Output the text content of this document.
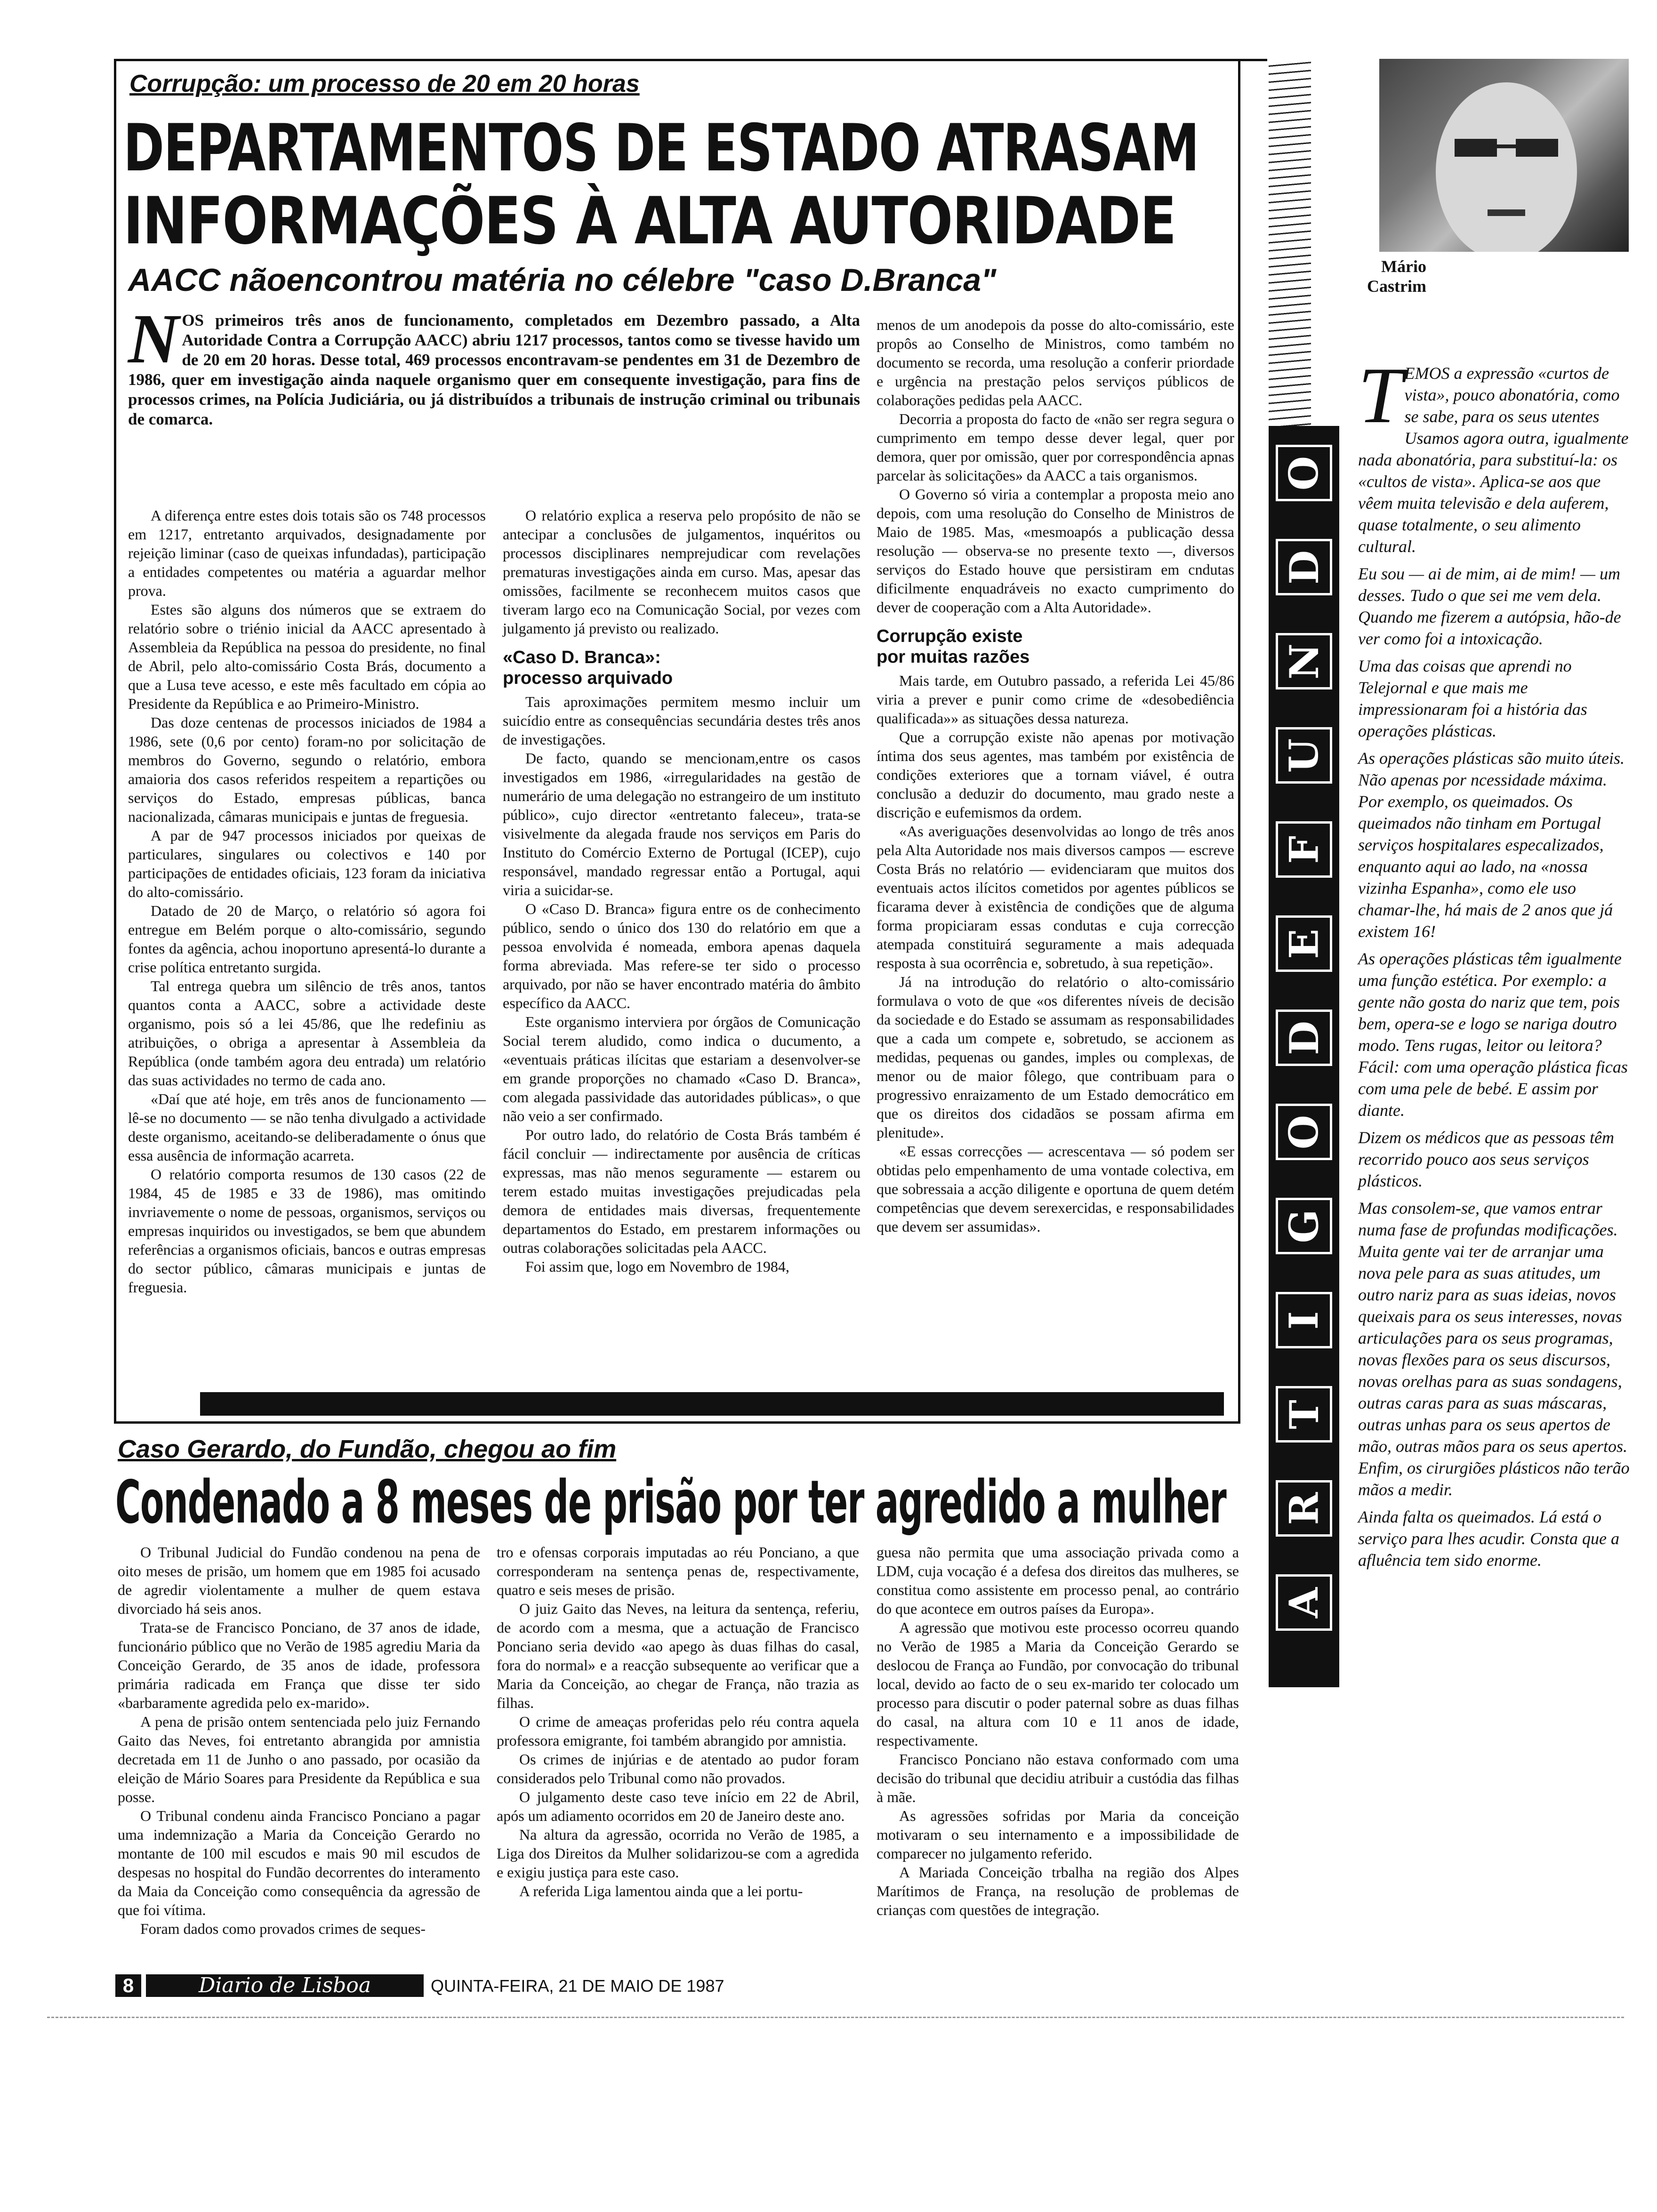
Corrupção: um processo de 20 em 20 horas
DEPARTAMENTOS DE ESTADO ATRASAM
INFORMAÇÕES À ALTA AUTORIDADE
AACC nãoencontrou matéria no célebre "caso D.Branca"
N OS primeiros três anos de funcionamento, completados em Dezembro passado, a Alta Autoridade Contra a Corrupção AACC) abriu 1217 processos, tantos como se tivesse havido um de 20 em 20 horas. Desse total, 469 processos encontravam-se pendentes em 31 de Dezembro de 1986, quer em investigação ainda naquele organismo quer em consequente investigação, para fins de processos crimes, na Polícia Judiciária, ou já distribuídos a tribunais de instrução criminal ou tribunais de comarca.

A diferença entre estes dois totais são os 748 processos em 1217, entretanto arquivados, designadamente por rejeição liminar (caso de queixas infundadas), participação a entidades competentes ou matéria a aguardar melhor prova.

Estes são alguns dos números que se extraem do relatório sobre o triénio inicial da AACC apresentado à Assembleia da República na pessoa do presidente, no final de Abril, pelo alto-comissário Costa Brás, documento a que a Lusa teve acesso, e este mês facultado em cópia ao Presidente da República e ao Primeiro-Ministro.

Das doze centenas de processos iniciados de 1984 a 1986, sete (0,6 por cento) foram-no por solicitação de membros do Governo, segundo o relatório, embora amaioria dos casos referidos respeitem a repartições ou serviços do Estado, empresas públicas, banca nacionalizada, câmaras municipais e juntas de freguesia.

A par de 947 processos iniciados por queixas de particulares, singulares ou colectivos e 140 por participações de entidades oficiais, 123 foram da iniciativa do alto-comissário.

Datado de 20 de Março, o relatório só agora foi entregue em Belém porque o alto-comissário, segundo fontes da agência, achou inoportuno apresentá-lo durante a crise política entretanto surgida.

Tal entrega quebra um silêncio de três anos, tantos quantos conta a AACC, sobre a actividade deste organismo, pois só a lei 45/86, que lhe redefiniu as atribuições, o obriga a apresentar à Assembleia da República (onde também agora deu entrada) um relatório das suas actividades no termo de cada ano.

«Daí que até hoje, em três anos de funcionamento — lê-se no documento — se não tenha divulgado a actividade deste organismo, aceitando-se deliberadamente o ónus que essa ausência de informação acarreta.

O relatório comporta resumos de 130 casos (22 de 1984, 45 de 1985 e 33 de 1986), mas omitindo invriavemente o nome de pessoas, organismos, serviços ou empresas inquiridos ou investigados, se bem que abundem referências a organismos oficiais, bancos e outras empresas do sector público, câmaras municipais e juntas de freguesia.

O relatório explica a reserva pelo propósito de não se antecipar a conclusões de julgamentos, inquéritos ou processos disciplinares nemprejudicar com revelações prematuras investigações ainda em curso. Mas, apesar das omissões, facilmente se reconhecem muitos casos que tiveram largo eco na Comunicação Social, por vezes com julgamento já previsto ou realizado.

«Caso D. Branca»:
processo arquivado

Tais aproximações permitem mesmo incluir um suicídio entre as consequências secundária destes três anos de investigações.

De facto, quando se mencionam,entre os casos investigados em 1986, «irregularidades na gestão de numerário de uma delegação no estrangeiro de um instituto público», cujo director «entretanto faleceu», trata-se visivelmente da alegada fraude nos serviços em Paris do Instituto do Comércio Externo de Portugal (ICEP), cujo responsável, mandado regressar então a Portugal, aqui viria a suicidar-se.

O «Caso D. Branca» figura entre os de conhecimento público, sendo o único dos 130 do relatório em que a pessoa envolvida é nomeada, embora apenas daquela forma abreviada. Mas refere-se ter sido o processo arquivado, por não se haver encontrado matéria do âmbito específico da AACC.

Este organismo interviera por órgãos de Comunicação Social terem aludido, como indica o ducumento, a «eventuais práticas ilícitas que estariam a desenvolver-se em grande proporções no chamado «Caso D. Branca», com alegada passividade das autoridades públicas», o que não veio a ser confirmado.

Por outro lado, do relatório de Costa Brás também é fácil concluir — indirectamente por ausência de críticas expressas, mas não menos seguramente — estarem ou terem estado muitas investigações prejudicadas pela demora de entidades mais diversas, frequentemente departamentos do Estado, em prestarem informações ou outras colaborações solicitadas pela AACC.

Foi assim que, logo em Novembro de 1984,

menos de um anodepois da posse do alto-comissário, este propôs ao Conselho de Ministros, como também no documento se recorda, uma resolução a conferir priordade e urgência na prestação pelos serviços públicos de colaborações pedidas pela AACC.

Decorria a proposta do facto de «não ser regra segura o cumprimento em tempo desse dever legal, quer por demora, quer por omissão, quer por correspondência apnas parcelar às solicitações» da AACC a tais organismos.

O Governo só viria a contemplar a proposta meio ano depois, com uma resolução do Conselho de Ministros de Maio de 1985. Mas, «mesmoapós a publicação dessa resolução — observa-se no presente texto —, diversos serviços do Estado houve que persistiram em cndutas dificilmente enquadráveis no exacto cumprimento do dever de cooperação com a Alta Autoridade».

Corrupção existe
por muitas razões

Mais tarde, em Outubro passado, a referida Lei 45/86 viria a prever e punir como crime de «desobediência qualificada»» as situações dessa natureza.

Que a corrupção existe não apenas por motivação íntima dos seus agentes, mas também por existência de condições exteriores que a tornam viável, é outra conclusão a deduzir do documento, mau grado neste a discrição e eufemismos da ordem.

«As averiguações desenvolvidas ao longo de três anos pela Alta Autoridade nos mais diversos campos — escreve Costa Brás no relatório — evidenciaram que muitos dos eventuais actos ilícitos cometidos por agentes públicos se ficarama dever à existência de condições que de alguma forma propiciaram essas condutas e cuja correcção atempada constituirá seguramente a mais adequada resposta à sua ocorrência e, sobretudo, à sua repetição».

Já na introdução do relatório o alto-comissário formulava o voto de que «os diferentes níveis de decisão da sociedade e do Estado se assumam as responsabilidades que a cada um compete e, sobretudo, se accionem as medidas, pequenas ou gandes, imples ou complexas, de menor ou de maior fôlego, que contribuam para o progressivo enraizamento de um Estado democrático em que os direitos dos cidadãos se possam afirma em plenitude».

«E essas correcções — acrescentava — só podem ser obtidas pelo empenhamento de uma vontade colectiva, em que sobressaia a acção diligente e oportuna de quem detém competências que devem serexercidas, e responsabilidades que devem ser assumidas».

Caso Gerardo, do Fundão, chegou ao fim
Condenado a 8 meses de prisão por ter agredido a mulher

O Tribunal Judicial do Fundão condenou na pena de oito meses de prisão, um homem que em 1985 foi acusado de agredir violentamente a mulher de quem estava divorciado há seis anos.

Trata-se de Francisco Ponciano, de 37 anos de idade, funcionário público que no Verão de 1985 agrediu Maria da Conceição Gerardo, de 35 anos de idade, professora primária radicada em França que disse ter sido «barbaramente agredida pelo ex-marido».

A pena de prisão ontem sentenciada pelo juiz Fernando Gaito das Neves, foi entretanto abrangida por amnistia decretada em 11 de Junho o ano passado, por ocasião da eleição de Mário Soares para Presidente da República e sua posse.

O Tribunal condenu ainda Francisco Ponciano a pagar uma indemnização a Maria da Conceição Gerardo no montante de 100 mil escudos e mais 90 mil escudos de despesas no hospital do Fundão decorrentes do interamento da Maia da Conceição como consequência da agressão de que foi vítima.

Foram dados como provados crimes de seques-

tro e ofensas corporais imputadas ao réu Ponciano, a que corresponderam na sentença penas de, respectivamente, quatro e seis meses de prisão.

O juiz Gaito das Neves, na leitura da sentença, referiu, de acordo com a mesma, que a actuação de Francisco Ponciano seria devido «ao apego às duas filhas do casal, fora do normal» e a reacção subsequente ao verificar que a Maria da Conceição, ao chegar de França, não trazia as filhas.

O crime de ameaças proferidas pelo réu contra aquela professora emigrante, foi também abrangido por amnistia.

Os crimes de injúrias e de atentado ao pudor foram considerados pelo Tribunal como não provados.

O julgamento deste caso teve início em 22 de Abril, após um adiamento ocorridos em 20 de Janeiro deste ano.

Na altura da agressão, ocorrida no Verão de 1985, a Liga dos Direitos da Mulher solidarizou-se com a agredida e exigiu justiça para este caso.

A referida Liga lamentou ainda que a lei portu-

guesa não permita que uma associação privada como a LDM, cuja vocação é a defesa dos direitos das mulheres, se constitua como assistente em processo penal, ao contrário do que acontece em outros países da Europa».

A agressão que motivou este processo ocorreu quando no Verão de 1985 a Maria da Conceição Gerardo se deslocou de França ao Fundão, por convocação do tribunal local, devido ao facto de o seu ex-marido ter colocado um processo para discutir o poder paternal sobre as duas filhas do casal, na altura com 10 e 11 anos de idade, respectivamente.

Francisco Ponciano não estava conformado com uma decisão do tribunal que decidiu atribuir a custódia das filhas à mãe.

As agressões sofridas por Maria da conceição motivaram o seu internamento e a impossibilidade de comparecer no julgamento referido.

A Mariada Conceição trbalha na região dos Alpes Marítimos de França, na resolução de problemas de crianças com questões de integração.

O
D
N
U
F
E
D
O
G
I
T
R
A
Mário
Castrim

T EMOS a expressão «curtos de vista», pouco abonatória, como se sabe, para os seus utentes Usamos agora outra, igualmente nada abonatória, para substituí-la: os «cultos de vista». Aplica-se aos que vêem muita televisão e dela auferem, quase totalmente, o seu alimento cultural.

Eu sou — ai de mim, ai de mim! — um desses. Tudo o que sei me vem dela. Quando me fizerem a autópsia, hão-de ver como foi a intoxicação.

Uma das coisas que aprendi no Telejornal e que mais me impressionaram foi a história das operações plásticas.

As operações plásticas são muito úteis. Não apenas por ncessidade máxima. Por exemplo, os queimados. Os queimados não tinham em Portugal serviços hospitalares especalizados, enquanto aqui ao lado, na «nossa vizinha Espanha», como ele uso chamar-lhe, há mais de 2 anos que já existem 16!

As operações plásticas têm igualmente uma função estética. Por exemplo: a gente não gosta do nariz que tem, pois bem, opera-se e logo se nariga doutro modo. Tens rugas, leitor ou leitora? Fácil: com uma operação plástica ficas com uma pele de bebé. E assim por diante.

Dizem os médicos que as pessoas têm recorrido pouco aos seus serviços plásticos.

Mas consolem-se, que vamos entrar numa fase de profundas modificações. Muita gente vai ter de arranjar uma nova pele para as suas atitudes, um outro nariz para as suas ideias, novos queixais para os seus interesses, novas articulações para os seus programas, novas flexões para os seus discursos, novas orelhas para as suas sondagens, outras caras para as suas máscaras, outras unhas para os seus apertos de mão, outras mãos para os seus apertos. Enfim, os cirurgiões plásticos não terão mãos a medir.

Ainda falta os queimados. Lá está o serviço para lhes acudir. Consta que a afluência tem sido enorme.

8	Diario de Lisboa	QUINTA-FEIRA, 21 DE MAIO DE 1987
